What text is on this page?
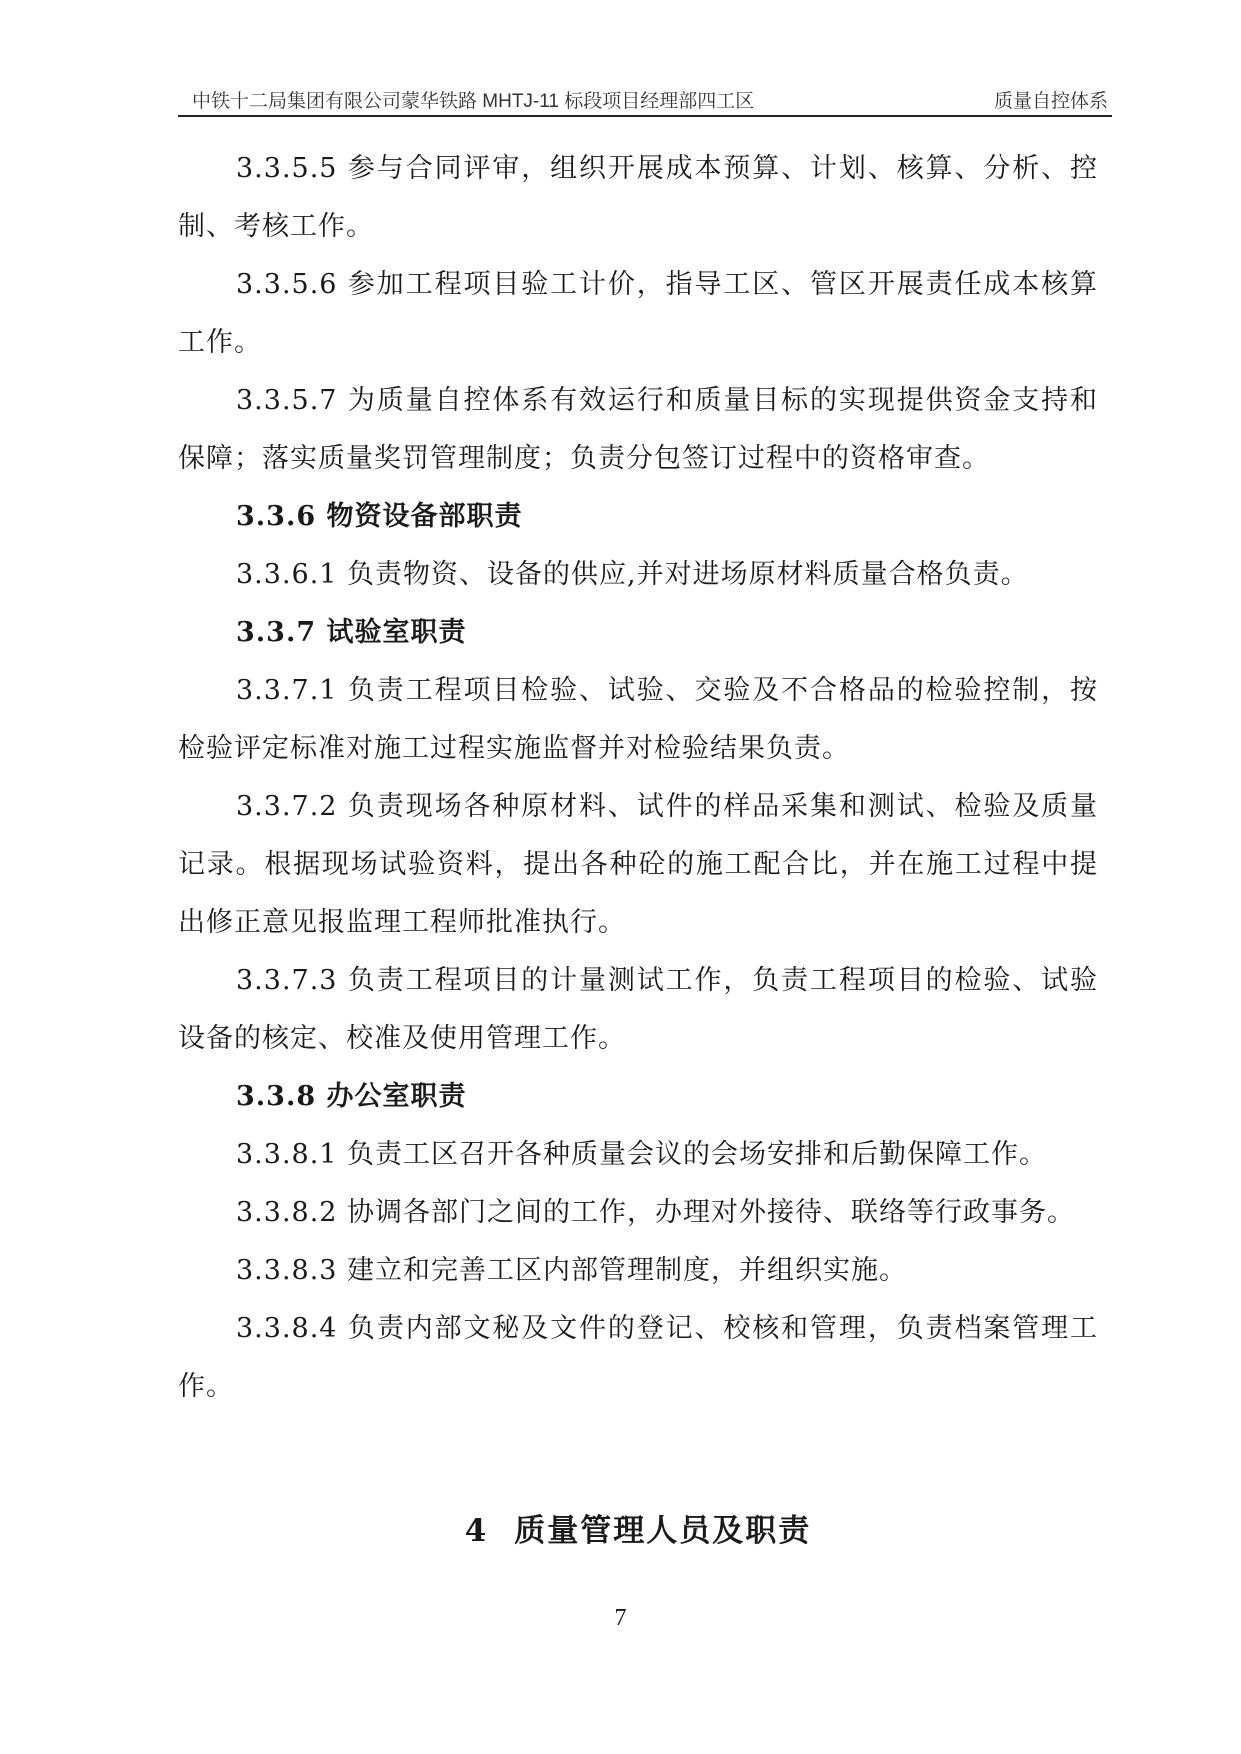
中铁十二局集团有限公司蒙华铁路 MHTJ-11 标段项目经理部四工区	质量自控体系

3.3.5.5 参与合同评审，组织开展成本预算、计划、核算、分析、控制、考核工作。

3.3.5.6 参加工程项目验工计价，指导工区、管区开展责任成本核算工作。

3.3.5.7 为质量自控体系有效运行和质量目标的实现提供资金支持和保障；落实质量奖罚管理制度；负责分包签订过程中的资格审查。

3.3.6 物资设备部职责

3.3.6.1 负责物资、设备的供应,并对进场原材料质量合格负责。

3.3.7 试验室职责

3.3.7.1 负责工程项目检验、试验、交验及不合格品的检验控制，按检验评定标准对施工过程实施监督并对检验结果负责。

3.3.7.2 负责现场各种原材料、试件的样品采集和测试、检验及质量记录。根据现场试验资料，提出各种砼的施工配合比，并在施工过程中提出修正意见报监理工程师批准执行。

3.3.7.3 负责工程项目的计量测试工作，负责工程项目的检验、试验设备的核定、校准及使用管理工作。

3.3.8 办公室职责

3.3.8.1 负责工区召开各种质量会议的会场安排和后勤保障工作。

3.3.8.2 协调各部门之间的工作，办理对外接待、联络等行政事务。

3.3.8.3 建立和完善工区内部管理制度，并组织实施。

3.3.8.4 负责内部文秘及文件的登记、校核和管理，负责档案管理工作。

4 质量管理人员及职责
7
